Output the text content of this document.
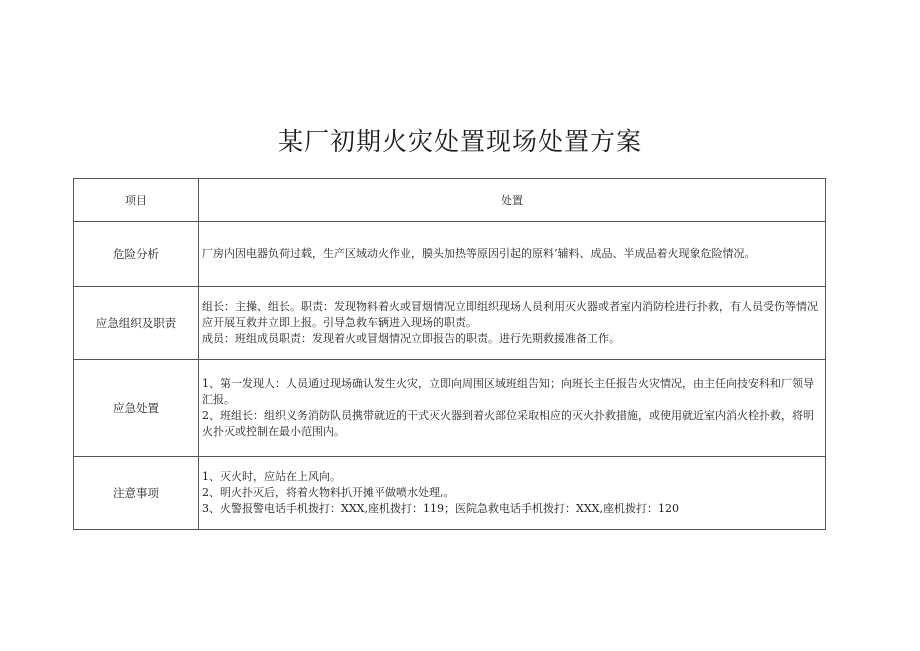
某厂初期火灾处置现场处置方案
项目	处置
危险分析	厂房内因电器负荷过载，生产区域动火作业，膜头加热等原因引起的原料’辅料、成品、半成品着火现象危险情况。

应急组织及职责	组长：主操、组长。职责：发现物料着火或冒烟情况立即组织现场人员利用灭火器或者室内消防栓进行扑救，有人员受伤等情况应开展互救并立即上报。引导急救车辆进入现场的职责。

成员：班组成员职责：发现着火或冒烟情况立即报告的职责。进行先期救援准备工作。

应急处置	1、第一发现人：人员通过现场确认发生火灾，立即向周围区域班组告知；向班长主任报告火灾情况，由主任向技安科和厂领导汇报。

2、班组长：组织义务消防队员携带就近的干式灭火器到着火部位采取相应的灭火扑救措施，或使用就近室内消火栓扑救，将明火扑灭或控制在最小范围内。

注意事项	1、灭火时，应站在上风向。

2、明火扑灭后，将着火物料扒开摊平做喷水处理,。

3、火警报警电话手机拨打：XXX,座机拨打：119；医院急救电话手机拨打：XXX,座机拨打：120
